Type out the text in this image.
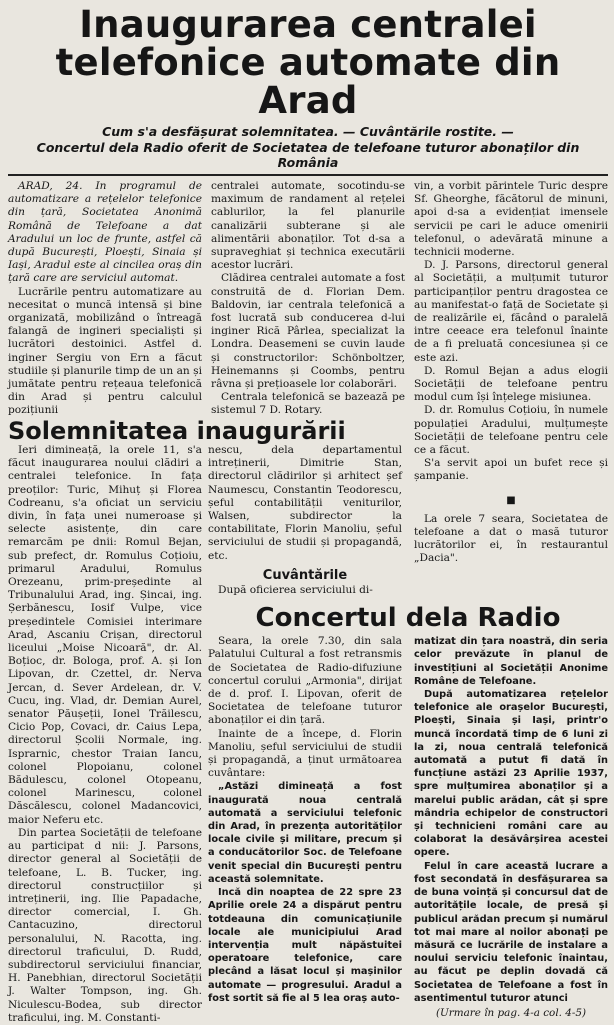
Inaugurarea centralei telefonice automate din Arad
Cum s'a desfășurat solemnitatea. — Cuvântările rostite. —
Concertul dela Radio oferit de Societatea de telefoane tuturor abonaților din România

ARAD, 24. In programul de automatizare a rețelelor telefonice din țară, Societatea Anonimă Română de Telefoane a dat Aradului un loc de frunte, astfel că după București, Ploești, Sinaia și Iași, Aradul este al cincilea oraș din țară care are serviciul automat.

Lucrările pentru automatizare au necesitat o muncă intensă și bine organizată, mobilizând o întreagă falangă de ingineri specialiști și lucrători destoinici. Astfel d. inginer Sergiu von Ern a făcut studiile și planurile timp de un an și jumătate pentru rețeaua telefonică din Arad și pentru calculul pozițiunii

centralei automate, socotindu-se maximum de randament al rețelei cablurilor, la fel planurile canalizării subterane și ale alimentării abonaților. Tot d-sa a supraveghiat și technica executării acestor lucrări.

Clădirea centralei automate a fost construită de d. Florian Dem. Baldovin, iar centrala telefonică a fost lucrată sub conducerea d-lui inginer Rică Pârlea, specializat la Londra. Deasemeni se cuvin laude și constructorilor: Schönboltzer, Heinemanns și Coombs, pentru râvna și prețioasele lor colaborări.

Centrala telefonică se bazează pe sistemul 7 D. Rotary.

vin, a vorbit părintele Turic despre Sf. Gheorghe, făcătorul de minuni, apoi d-sa a evidențiat imensele servicii pe cari le aduce omenirii telefonul, o adevărată minune a technicii moderne.

D. J. Parsons, directorul general al Societății, a mulțumit tuturor participanților pentru dragostea ce au manifestat-o față de Societate și de realizările ei, făcând o paralelă intre ceeace era telefonul înainte de a fi preluată concesiunea și ce este azi.

D. Romul Bejan a adus elogii Societății de telefoane pentru modul cum își înțelege misiunea.

D. dr. Romulus Coțioiu, în numele populației Aradului, mulțumește Societății de telefoane pentru cele ce a făcut.

S'a servit apoi un bufet rece și șampanie.

■

La orele 7 seara, Societatea de telefoane a dat o masă tuturor lucrătorilor ei, în restaurantul „Dacia".

Solemnitatea inaugurării

Ieri dimineață, la orele 11, s'a făcut inaugurarea noului clădiri a centralei telefonice. In fața preoților: Turic, Mihuț și Florea Codreanu, s'a oficiat un serviciu divin, în fața unei numeroase și selecte asistențe, din care remarcăm pe dnii: Romul Bejan, sub prefect, dr. Romulus Coțioiu, primarul Aradului, Romulus Orezeanu, prim-președinte al Tribunalului Arad, ing. Șincai, ing. Șerbănescu, Iosif Vulpe, vice președintele Comisiei interimare Arad, Ascaniu Crișan, directorul liceului „Moise Nicoară", dr. Al. Boțioc, dr. Bologa, prof. A. și Ion Lipovan, dr. Czettel, dr. Nerva Jercan, d. Sever Ardelean, dr. V. Cucu, ing. Vlad, dr. Demian Aurel, senator Păușeții, Ionel Trăilescu, Cicio Pop, Covaci, dr. Caius Lepa, directorul Școlii Normale, ing. Isprarnic, chestor Traian Iancu, colonel Plopoianu, colonel Bădulescu, colonel Otopeanu, colonel Marinescu, colonel Dăscălescu, colonel Madancovici, maior Neferu etc.

Din partea Societății de telefoane au participat d nii: J. Parsons, director general al Societății de telefoane, L. B. Tucker, ing. directorul construcțiilor și intreținerii, ing. Ilie Papadache, director comercial, I. Gh. Cantacuzino, directorul personalului, N. Racotta, ing. directorul traficului, D. Rudd, subdirectorul serviciului financiar, H. Panebhian, directorul Societății J. Walter Tompson, ing. Gh. Niculescu-Bodea, sub director traficului, ing. M. Constanti-

nescu, dela departamentul intreținerii, Dimitrie Stan, directorul clădirilor și arhitect șef Naumescu, Constantin Teodorescu, șeful contabilității veniturilor, Walsen, subdirector la contabilitate, Florin Manoliu, șeful serviciului de studii și propagandă, etc.

Cuvântările

După oficierea serviciului di-

Concertul dela Radio

Seara, la orele 7.30, din sala Palatului Cultural a fost retransmis de Societatea de Radio-difuziune concertul corului „Armonia", dirijat de d. prof. I. Lipovan, oferit de Societatea de telefoane tuturor abonaților ei din țară.

Inainte de a începe, d. Florin Manoliu, șeful serviciului de studii și propagandă, a ținut următoarea cuvântare:

„Astăzi dimineață a fost inaugurată noua centrală automată a serviciului telefonic din Arad, în prezența autorităților locale civile și militare, precum și a conducătorilor Soc. de Telefoane venit special din București pentru această solemnitate.

Incă din noaptea de 22 spre 23 Aprilie orele 24 a dispărut pentru totdeauna din comunicațiunile locale ale municipiului Arad intervenția mult năpăstuitei operatoare telefonice, care plecând a lăsat locul și mașinilor automate — progresului. Aradul a fost sortit să fie al 5 lea oraș auto-

matizat din țara noastră, din seria celor prevăzute în planul de investițiuni al Societății Anonime Române de Telefoane.

După automatizarea rețelelor telefonice ale orașelor București, Ploești, Sinaia și Iași, printr'o muncă încordată timp de 6 luni zi la zi, noua centrală telefonică automată a putut fi dată în funcțiune astăzi 23 Aprilie 1937, spre mulțumirea abonaților și a marelui public arădan, cât și spre mândria echipelor de constructori și technicieni români care au colaborat la desăvârșirea acestei opere.

Felul în care această lucrare a fost secondată în desfășurarea sa de buna voință și concursul dat de autoritățile locale, de presă și publicul arădan precum și numărul tot mai mare al noilor abonați pe măsură ce lucrările de instalare a noului serviciu telefonic înaintau, au făcut pe deplin dovadă că Societatea de Telefoane a fost în asentimentul tuturor atunci

(Urmare în pag. 4-a col. 4-5)
